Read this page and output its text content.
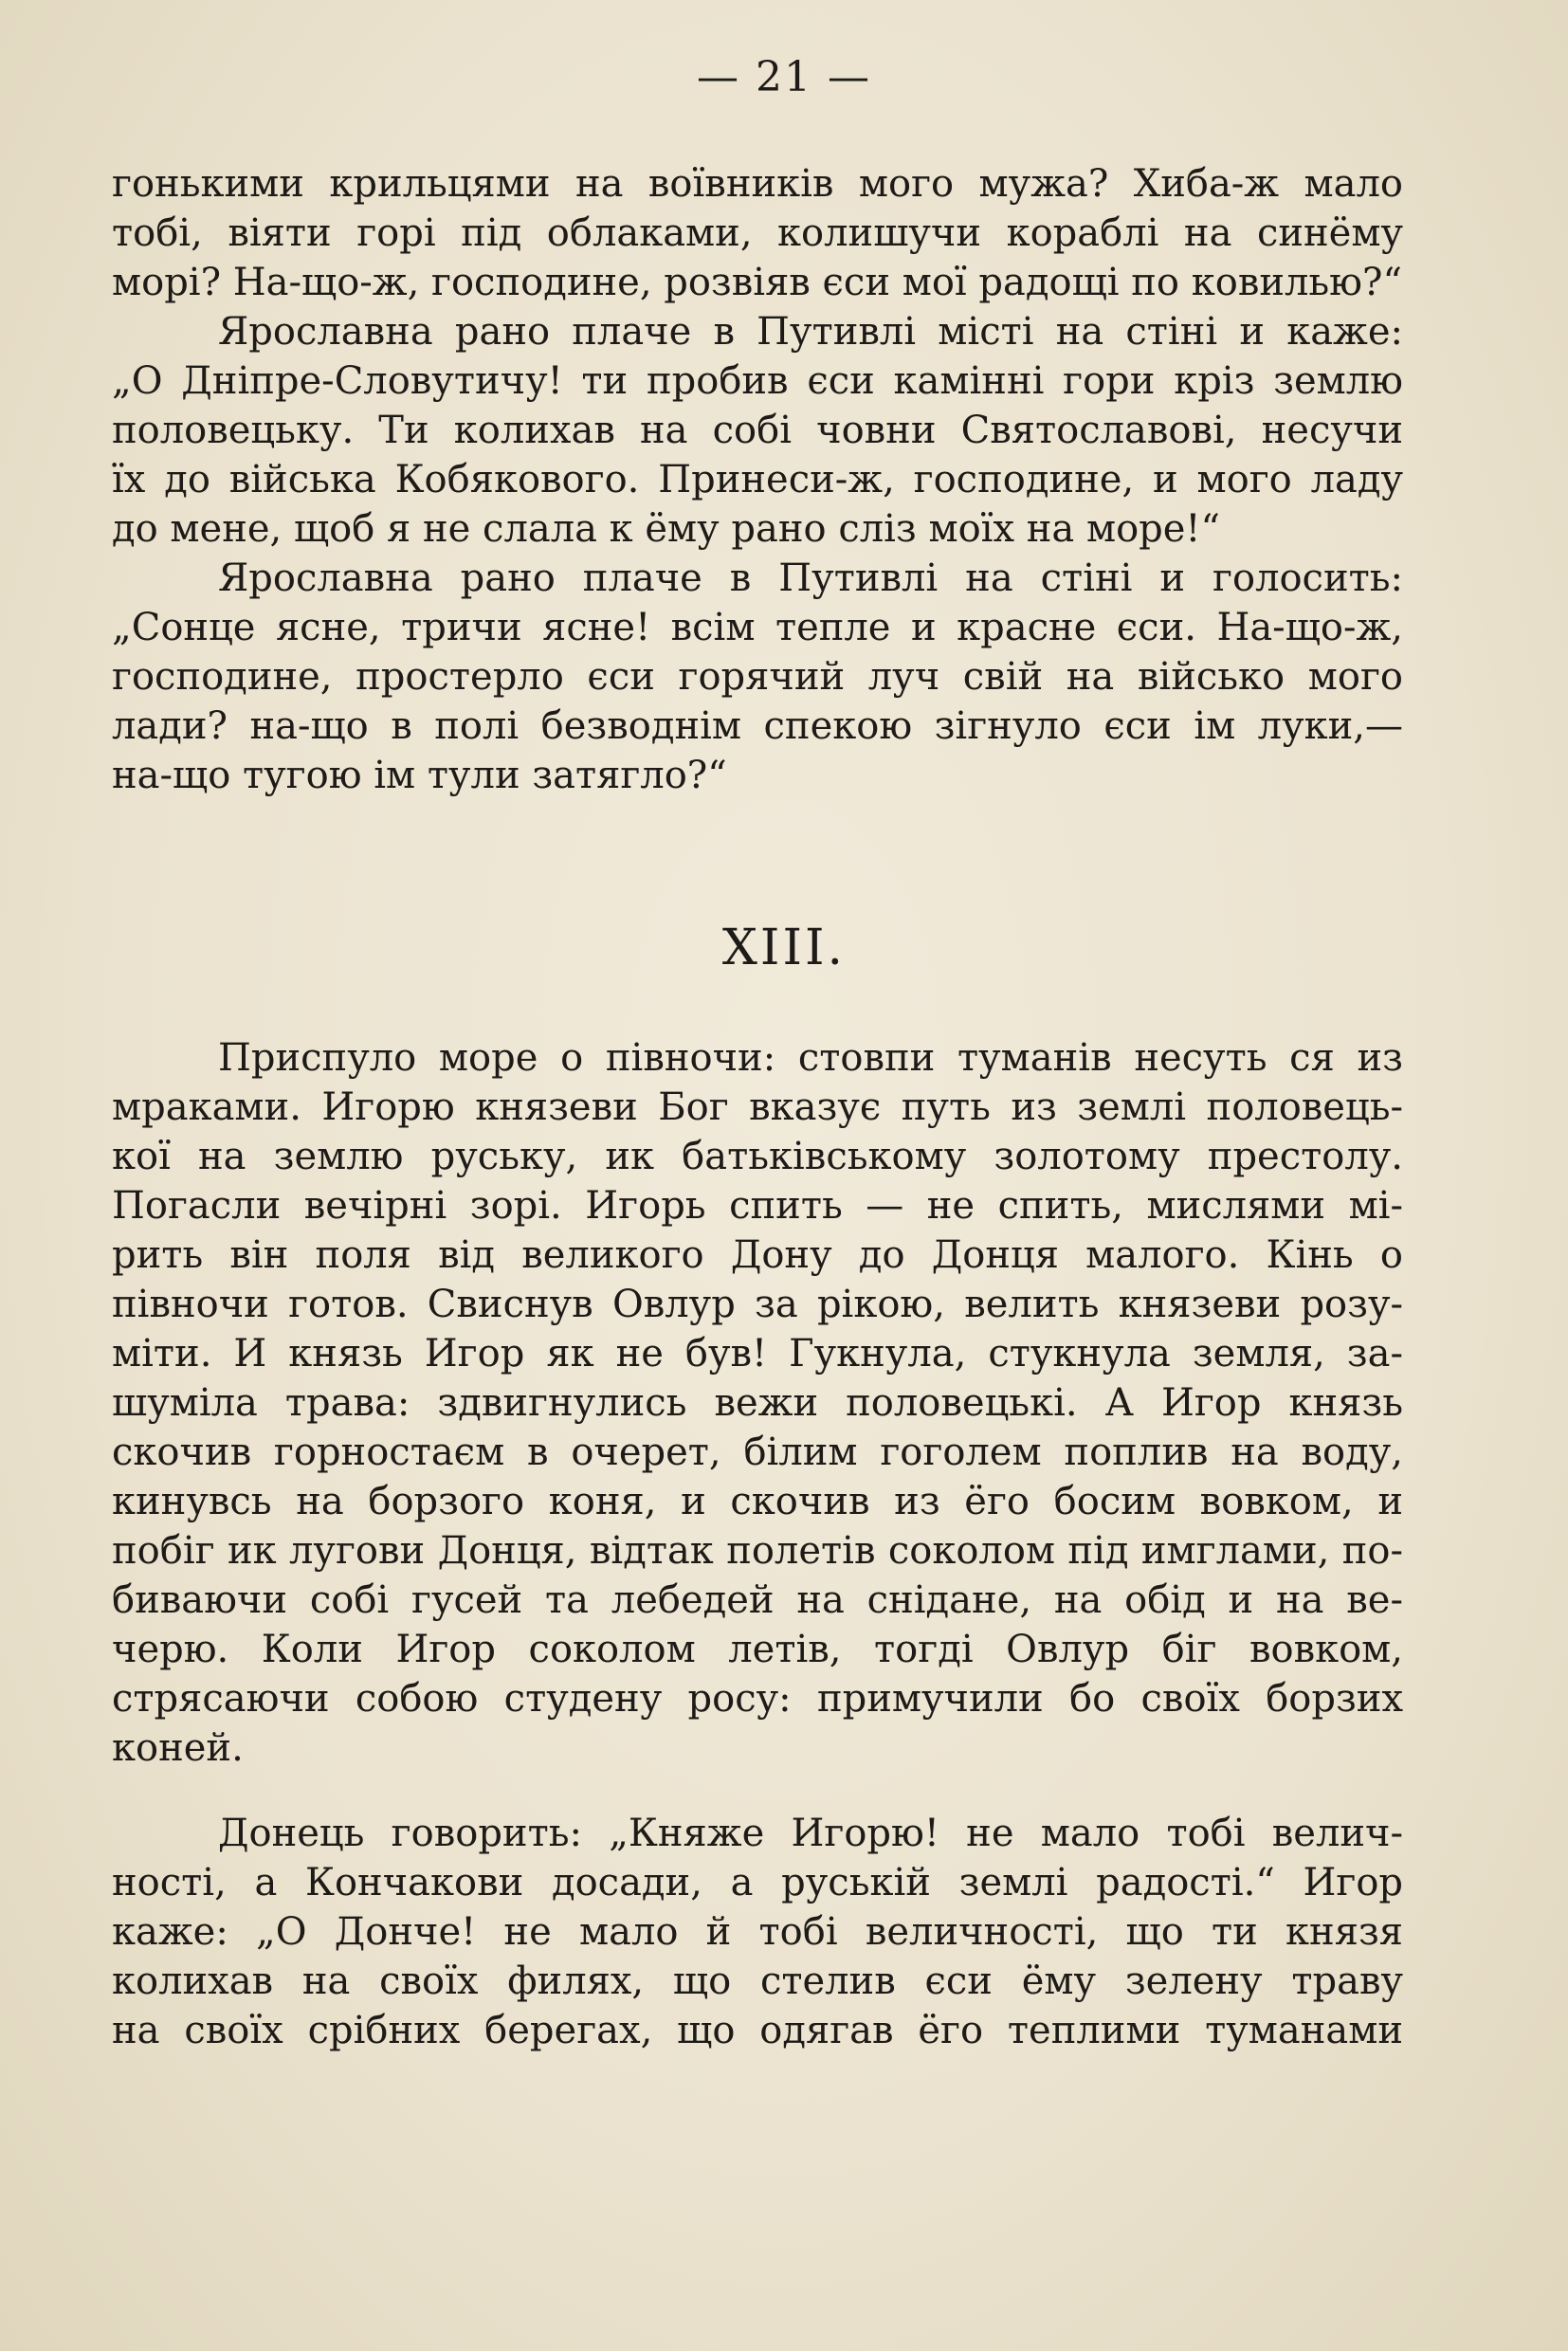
— 21 —
гонькими крильцями на воївників мого мужа? Хиба-ж мало
тобі, віяти горі під облаками, колишучи кораблі на синёму
морі? На-що-ж, господине, розвіяв єси мої радощі по ковилью?“
Ярославна рано плаче в Путивлі місті на стіні и каже:
„О Дніпре-Словутичу! ти пробив єси камінні гори кріз землю
половецьку. Ти колихав на собі човни Святославові, несучи
їх до війська Кобякового. Принеси-ж, господине, и мого ладу
до мене, щоб я не слала к ёму рано сліз моїх на море!“
Ярославна рано плаче в Путивлі на стіні и голосить:
„Сонце ясне, тричи ясне! всім тепле и красне єси. На-що-ж,
господине, простерло єси горячий луч свій на військо мого
лади? на-що в полі безводнім спекою зігнуло єси ім луки,—
на-що тугою ім тули затягло?“
XIII.
Приспуло море о півночи: стовпи туманів несуть ся из
мраками. Игорю князеви Бог вказує путь из землі половець-
кої на землю руську, ик батьківському золотому престолу.
Погасли вечірні зорі. Игорь спить — не спить, мислями мі-
рить він поля від великого Дону до Донця малого. Кінь о
півночи готов. Свиснув Овлур за рікою, велить князеви розу-
міти. И князь Игор як не був! Гукнула, стукнула земля, за-
шуміла трава: здвигнулись вежи половецькі. А Игор князь
скочив горностаєм в очерет, білим гоголем поплив на воду,
кинувсь на борзого коня, и скочив из ёго босим вовком, и
побіг ик лугови Донця, відтак полетів соколом під имглами, по-
биваючи собі гусей та лебедей на снідане, на обід и на ве-
черю. Коли Игор соколом летів, тогді Овлур біг вовком,
стрясаючи собою студену росу: примучили бо своїх борзих
коней.
Донець говорить: „Княже Игорю! не мало тобі велич-
ності, а Кончакови досади, а руській землі радості.“ Игор
каже: „О Донче! не мало й тобі величності, що ти князя
колихав на своїх филях, що стелив єси ёму зелену траву
на своїх срібних берегах, що одягав ёго теплими туманами
